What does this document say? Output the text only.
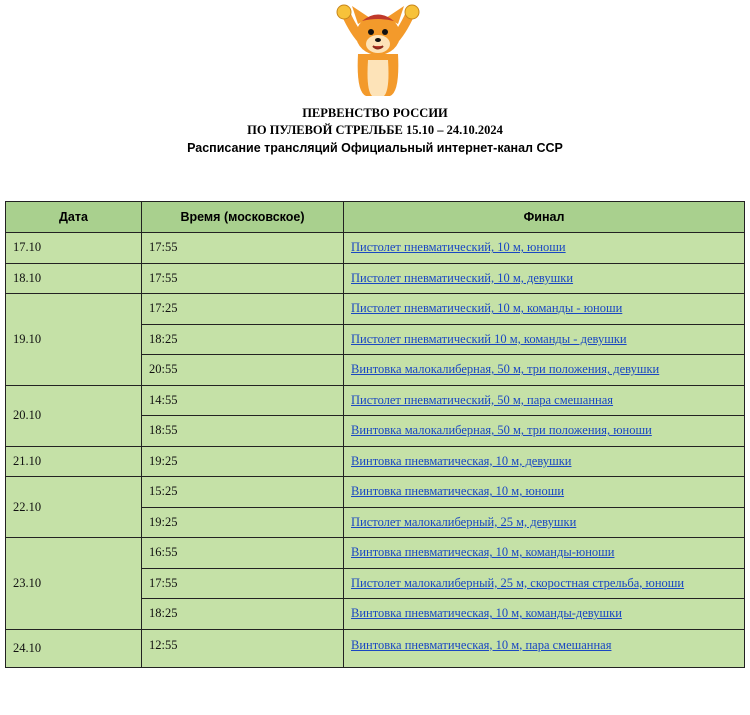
ПЕРВЕНСТВО РОССИИ
ПО ПУЛЕВОЙ СТРЕЛЬБЕ 15.10 – 24.10.2024
Расписание трансляций Официальный интернет-канал ССР
Дата	Время (московское)	Финал
17.10	17:55	Пистолет пневматический, 10 м, юноши
18.10	17:55	Пистолет пневматический, 10 м, девушки
19.10	17:25	Пистолет пневматический, 10 м, команды - юноши
	18:25	Пистолет пневматический 10 м, команды - девушки
	20:55	Винтовка малокалиберная, 50 м, три положения, девушки
20.10	14:55	Пистолет пневматический, 50 м, пара смешанная
	18:55	Винтовка малокалиберная, 50 м, три положения, юноши
21.10	19:25	Винтовка пневматическая, 10 м, девушки
22.10	15:25	Винтовка пневматическая, 10 м, юноши
	19:25	Пистолет малокалиберный, 25 м, девушки
23.10	16:55	Винтовка пневматическая, 10 м, команды-юноши
	17:55	Пистолет малокалиберный, 25 м, скоростная стрельба, юноши
	18:25	Винтовка пневматическая, 10 м, команды-девушки
24.10	12:55	Винтовка пневматическая, 10 м, пара смешанная
